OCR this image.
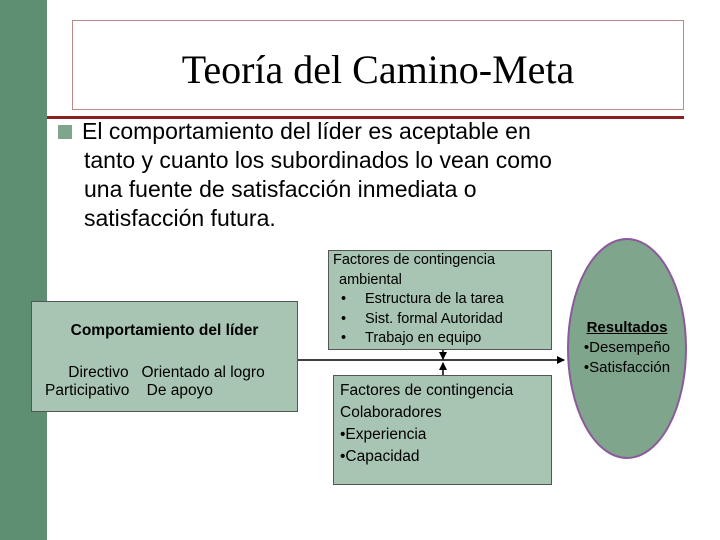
Teoría del Camino-Meta

El comportamiento del líder es aceptable en
tanto y cuanto los subordinados lo vean como
una fuente de satisfacción inmediata o
satisfacción futura.

Comportamiento del líder
Directivo   Orientado al logro
Participativo    De apoyo
Factores de contingencia
ambiental
• Estructura de la tarea
• Sist. formal Autoridad
• Trabajo en equipo
Factores de contingencia
Colaboradores
•Experiencia
•Capacidad
Resultados
•Desempeño
•Satisfacción
